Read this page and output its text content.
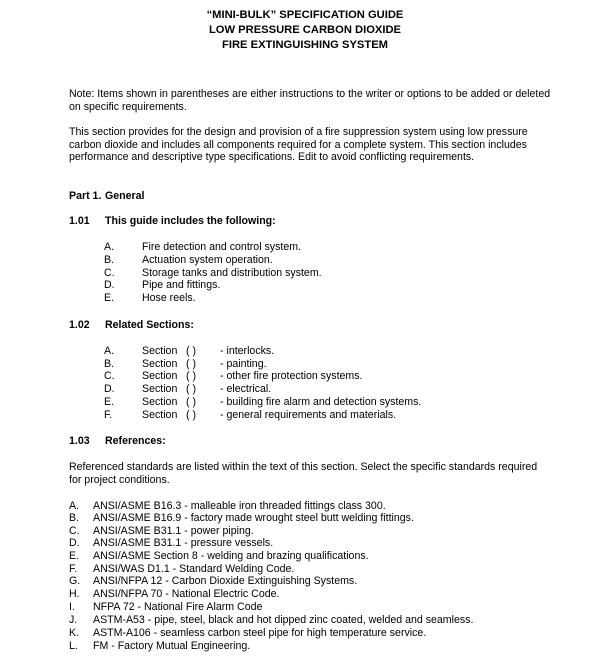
“MINI-BULK” SPECIFICATION GUIDE
LOW PRESSURE CARBON DIOXIDE
FIRE EXTINGUISHING SYSTEM
Note: Items shown in parentheses are either instructions to the writer or options to be added or deleted on specific requirements.
This section provides for the design and provision of a fire suppression system using low pressure carbon dioxide and includes all components required for a complete system. This section includes performance and descriptive type specifications. Edit to avoid conflicting requirements.
Part 1. General
1.01 This guide includes the following:
A.	Fire detection and control system.
B.	Actuation system operation.
C.	Storage tanks and distribution system.
D.	Pipe and fittings.
E.	Hose reels.
1.02 Related Sections:
A.	Section ( ) - interlocks.
B.	Section ( ) - painting.
C.	Section ( ) - other fire protection systems.
D.	Section ( ) - electrical.
E.	Section ( ) - building fire alarm and detection systems.
F.	Section ( ) - general requirements and materials.
1.03 References:
Referenced standards are listed within the text of this section. Select the specific standards required for project conditions.
A. ANSI/ASME B16.3 - malleable iron threaded fittings class 300.
B. ANSI/ASME B16.9 - factory made wrought steel butt welding fittings.
C. ANSI/ASME B31.1 - power piping.
D. ANSI/ASME B31.1 - pressure vessels.
E. ANSI/ASME Section 8 - welding and brazing qualifications.
F. ANSI/WAS D1.1 - Standard Welding Code.
G. ANSI/NFPA 12 - Carbon Dioxide Extinguishing Systems.
H. ANSI/NFPA 70 - National Electric Code.
I. NFPA 72 - National Fire Alarm Code
J. ASTM-A53 - pipe, steel, black and hot dipped zinc coated, welded and seamless.
K. ASTM-A106 - seamless carbon steel pipe for high temperature service.
L. FM - Factory Mutual Engineering.
